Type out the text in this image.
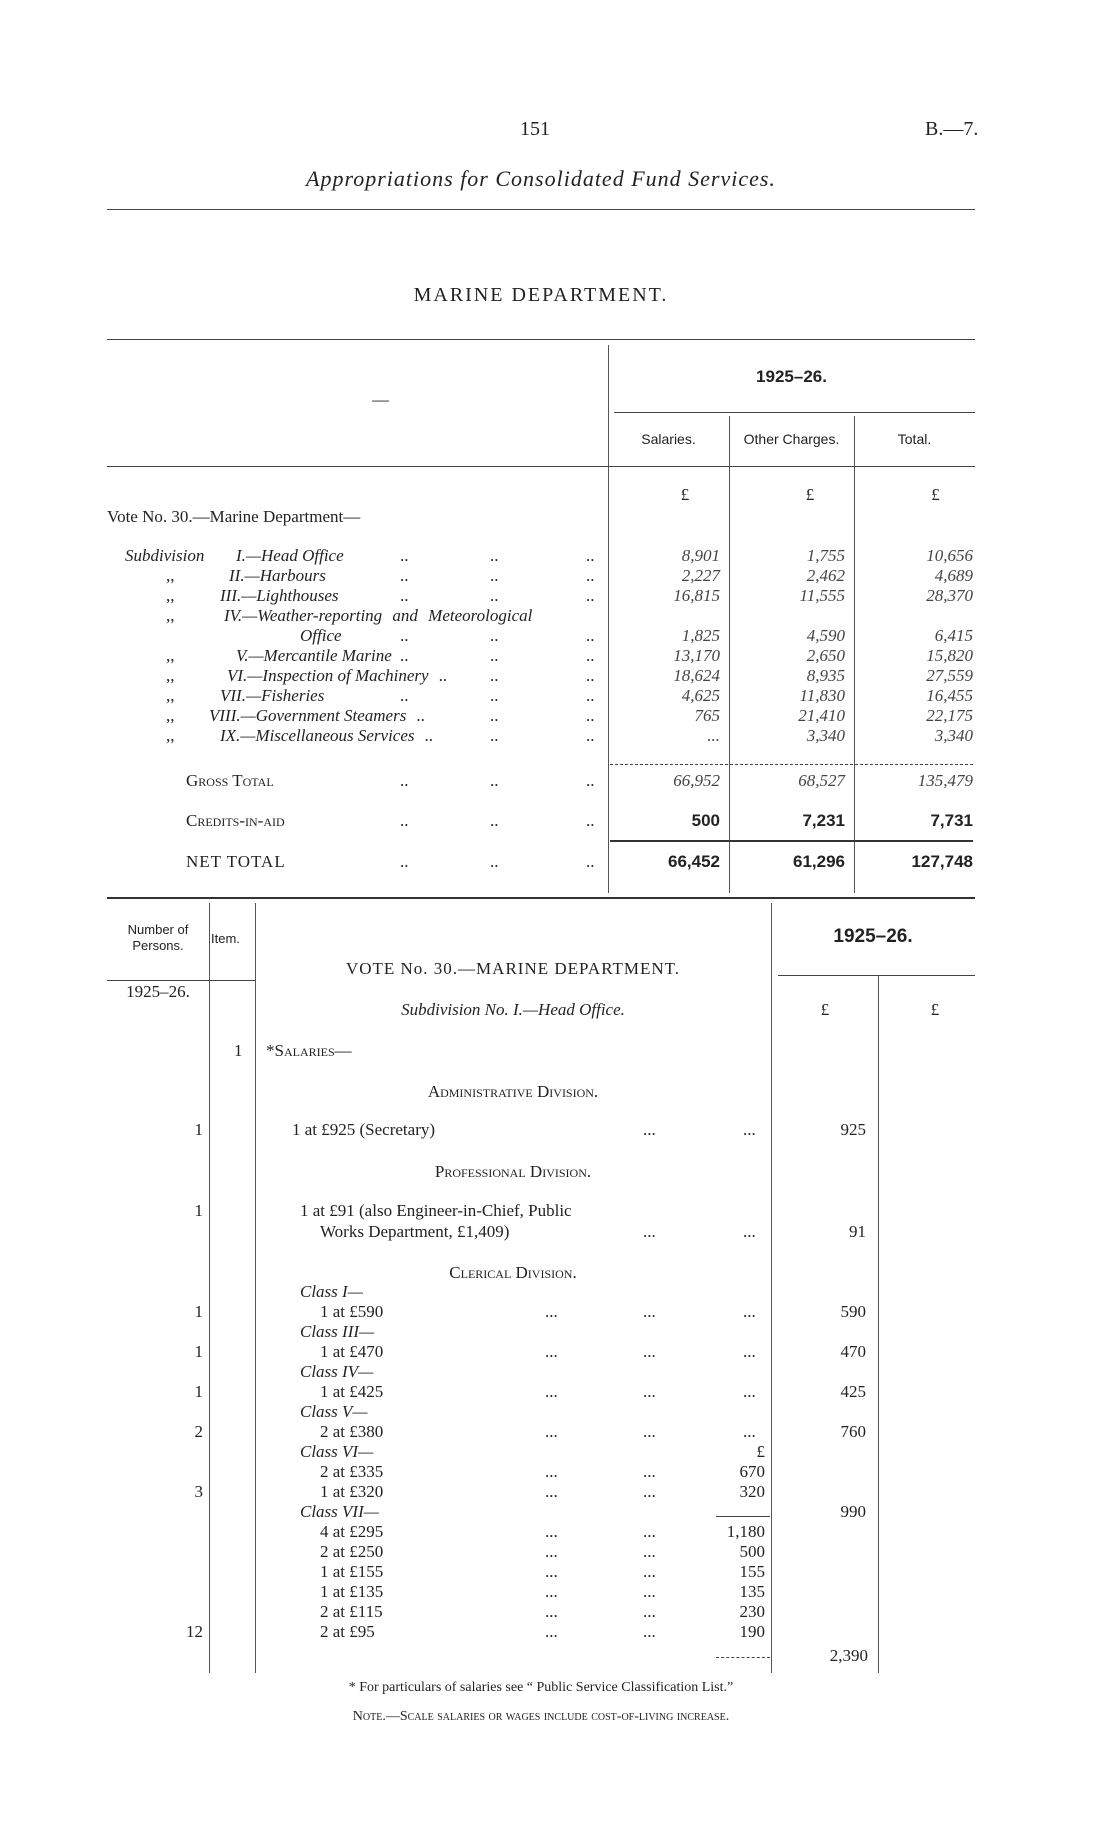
151	B.—7.
Appropriations for Consolidated Fund Services.
MARINE DEPARTMENT.
—
1925–26.
Salaries.	Other Charges.	Total.
£	£	£
Vote No. 30.—Marine Department—
Subdivision I.—Head Office	..	..	..	8,901	1,755	10,656
,,	II.—Harbours	..	..	..	2,227	2,462	4,689
,,	III.—Lighthouses	..	..	..	16,815	11,555	28,370
,,	IV.—Weather-reporting and Meteorological
Office	..	..	..	1,825	4,590	6,415
,,	V.—Mercantile Marine ..	..	..	13,170	2,650	15,820
,,	VI.—Inspection of Machinery ..	..	..	18,624	8,935	27,559
,,	VII.—Fisheries	..	..	..	4,625	11,830	16,455
,, VIII.—Government Steamers ..	..	..	765	21,410	22,175
,,	IX.—Miscellaneous Services ..	..	..	...	3,340	3,340
Gross Total	..	..	..	66,952	68,527	135,479
Credits-in-aid	..	..	..	500	7,231	7,731
NET TOTAL	..	..	..	66,452	61,296	127,748
Number of Persons.	Item.	1925–26.
1925–26.
VOTE No. 30.—MARINE DEPARTMENT.
Subdivision No. I.—Head Office.	£	£
1 *Salaries—
Administrative Division.
Professional Division.
Clerical Division.
1	1 at £925 (Secretary)	...	...	925
1	1 at £91 (also Engineer-in-Chief, Public
Works Department, £1,409)	...	...	91
Class I—
1	1 at £590	...	...	...	590
Class III—
1	1 at £470	...	...	...	470
Class IV—
1	1 at £425	...	...	...	425
Class V—
2	2 at £380	...	...	...	760
Class VI—	£
2 at £335	...	...	670
3	1 at £320	...	...	320
Class VII—	990
4 at £295	...	...	1,180
2 at £250	...	...	500
1 at £155	...	...	155
1 at £135	...	...	135
2 at £115	...	...	230
12	2 at £95	...	...	190
2,390
* For particulars of salaries see “ Public Service Classification List.”
Note.—Scale salaries or wages include cost-of-living increase.
